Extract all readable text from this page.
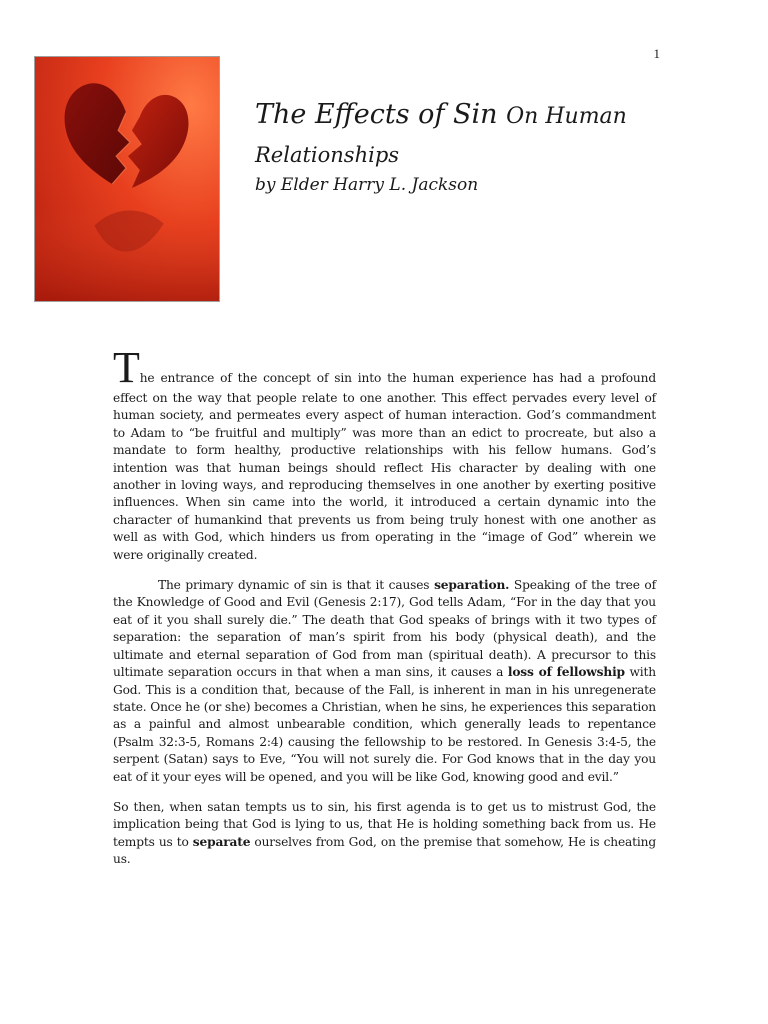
1
The Effects of Sin On Human
Relationships
by Elder Harry L. Jackson

The entrance of the concept of sin into the human experience has had a profound effect on the way that people relate to one another. This effect pervades every level of human society, and permeates every aspect of human interaction. God’s commandment to Adam to “be fruitful and multiply” was more than an edict to procreate, but also a mandate to form healthy, productive relationships with his fellow humans. God’s intention was that human beings should reflect His character by dealing with one another in loving ways, and reproducing themselves in one another by exerting positive influences. When sin came into the world, it introduced a certain dynamic into the character of humankind that prevents us from being truly honest with one another as well as with God, which hinders us from operating in the “image of God” wherein we were originally created.

The primary dynamic of sin is that it causes separation. Speaking of the tree of the Knowledge of Good and Evil (Genesis 2:17), God tells Adam, “For in the day that you eat of it you shall surely die.” The death that God speaks of brings with it two types of separation: the separation of man’s spirit from his body (physical death), and the ultimate and eternal separation of God from man (spiritual death). A precursor to this ultimate separation occurs in that when a man sins, it causes a loss of fellowship with God. This is a condition that, because of the Fall, is inherent in man in his unregenerate state. Once he (or she) becomes a Christian, when he sins, he experiences this separation as a painful and almost unbearable condition, which generally leads to repentance (Psalm 32:3-5, Romans 2:4) causing the fellowship to be restored. In Genesis 3:4-5, the serpent (Satan) says to Eve, “You will not surely die. For God knows that in the day you eat of it your eyes will be opened, and you will be like God, knowing good and evil.”

So then, when satan tempts us to sin, his first agenda is to get us to mistrust God, the implication being that God is lying to us, that He is holding something back from us. He tempts us to separate ourselves from God, on the premise that somehow, He is cheating us.
